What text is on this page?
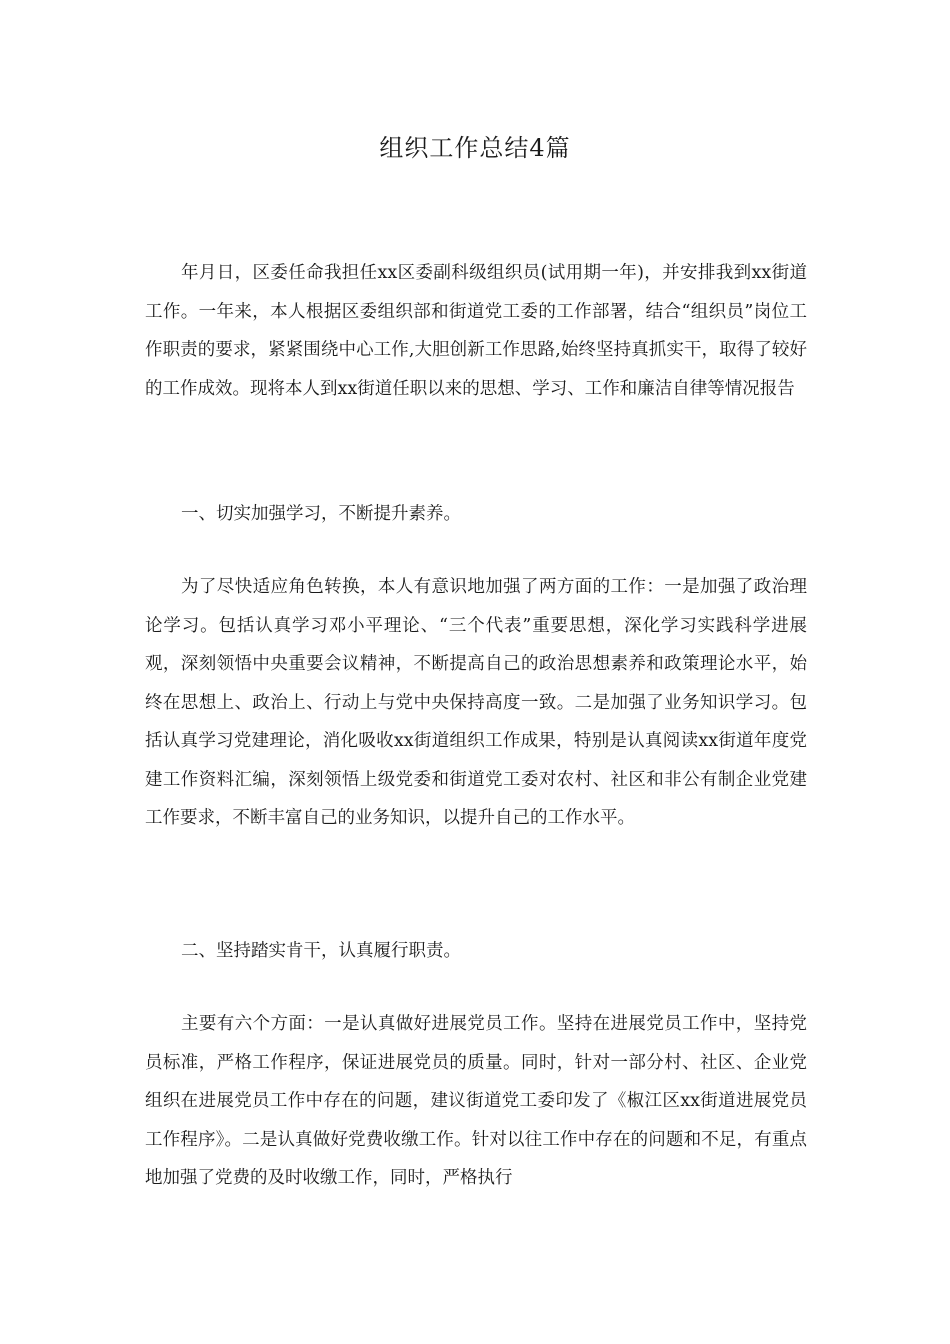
组织工作总结4篇

年月日，区委任命我担任xx区委副科级组织员(试用期一年)，并安排我到xx街道工作。一年来，本人根据区委组织部和街道党工委的工作部署，结合“组织员”岗位工作职责的要求，紧紧围绕中心工作,大胆创新工作思路,始终坚持真抓实干，取得了较好的工作成效。现将本人到xx街道任职以来的思想、学习、工作和廉洁自律等情况报告

一、切实加强学习，不断提升素养。

为了尽快适应角色转换，本人有意识地加强了两方面的工作：一是加强了政治理论学习。包括认真学习邓小平理论、“三个代表”重要思想，深化学习实践科学进展观，深刻领悟中央重要会议精神，不断提高自己的政治思想素养和政策理论水平，始终在思想上、政治上、行动上与党中央保持高度一致。二是加强了业务知识学习。包括认真学习党建理论，消化吸收xx街道组织工作成果，特别是认真阅读xx街道年度党建工作资料汇编，深刻领悟上级党委和街道党工委对农村、社区和非公有制企业党建工作要求，不断丰富自己的业务知识，以提升自己的工作水平。

二、坚持踏实肯干，认真履行职责。

主要有六个方面：一是认真做好进展党员工作。坚持在进展党员工作中，坚持党员标准，严格工作程序，保证进展党员的质量。同时，针对一部分村、社区、企业党组织在进展党员工作中存在的问题，建议街道党工委印发了《椒江区xx街道进展党员工作程序》。二是认真做好党费收缴工作。针对以往工作中存在的问题和不足，有重点地加强了党费的及时收缴工作，同时，严格执行
